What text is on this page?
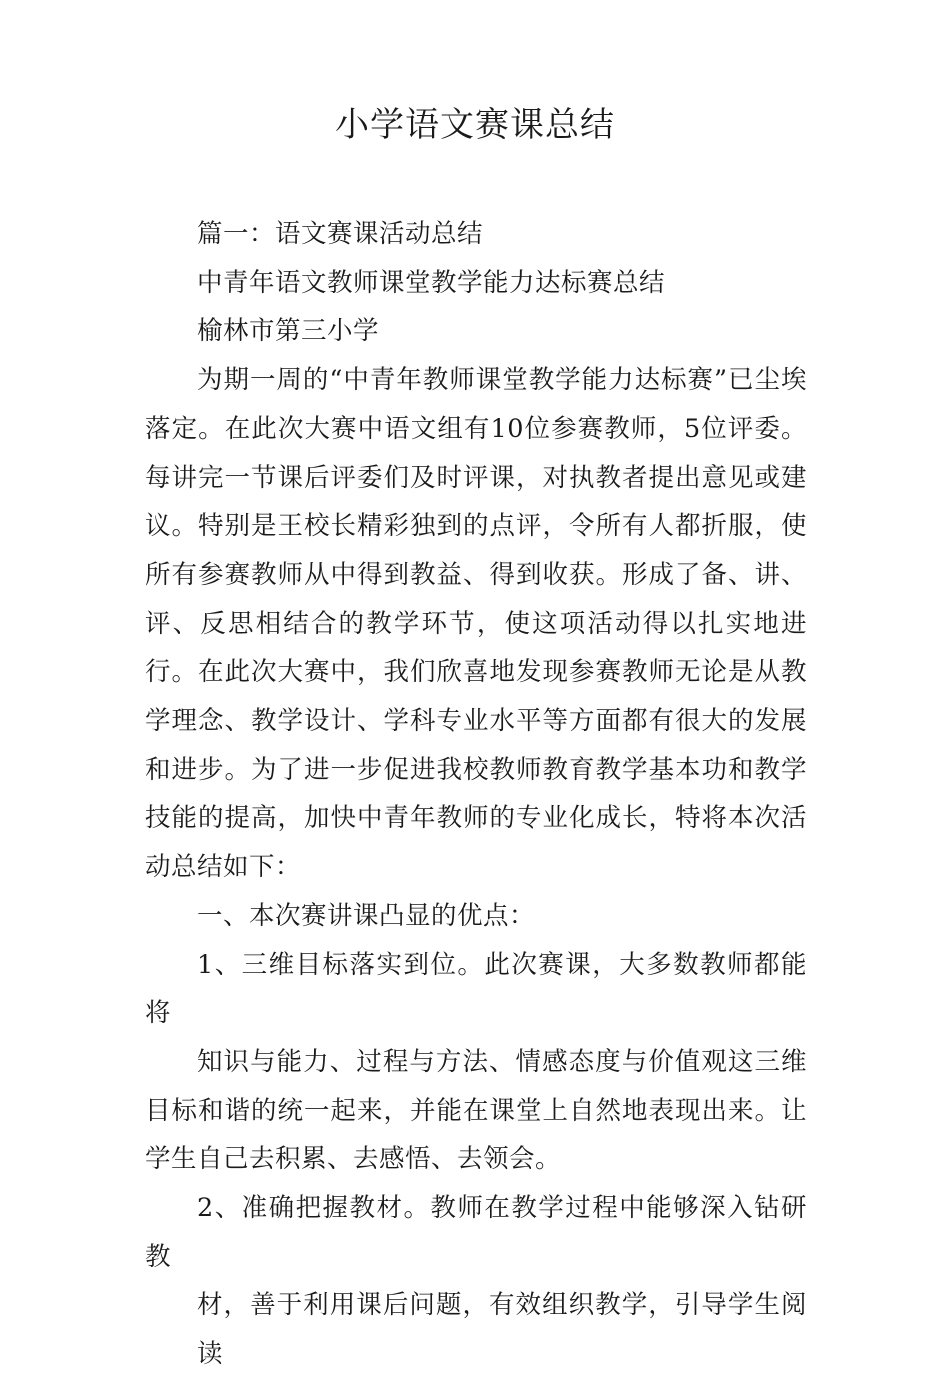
小学语文赛课总结

篇一：语文赛课活动总结

中青年语文教师课堂教学能力达标赛总结

榆林市第三小学

为期一周的“中青年教师课堂教学能力达标赛”已尘埃落定。在此次大赛中语文组有10位参赛教师，5位评委。每讲完一节课后评委们及时评课，对执教者提出意见或建议。特别是王校长精彩独到的点评，令所有人都折服，使所有参赛教师从中得到教益、得到收获。形成了备、讲、评、反思相结合的教学环节，使这项活动得以扎实地进行。在此次大赛中，我们欣喜地发现参赛教师无论是从教学理念、教学设计、学科专业水平等方面都有很大的发展和进步。为了进一步促进我校教师教育教学基本功和教学技能的提高，加快中青年教师的专业化成长，特将本次活动总结如下：

一、本次赛讲课凸显的优点：

1、三维目标落实到位。此次赛课，大多数教师都能将

知识与能力、过程与方法、情感态度与价值观这三维目标和谐的统一起来，并能在课堂上自然地表现出来。让学生自己去积累、去感悟、去领会。

2、准确把握教材。教师在教学过程中能够深入钻研教

材，善于利用课后问题，有效组织教学，引导学生阅读
